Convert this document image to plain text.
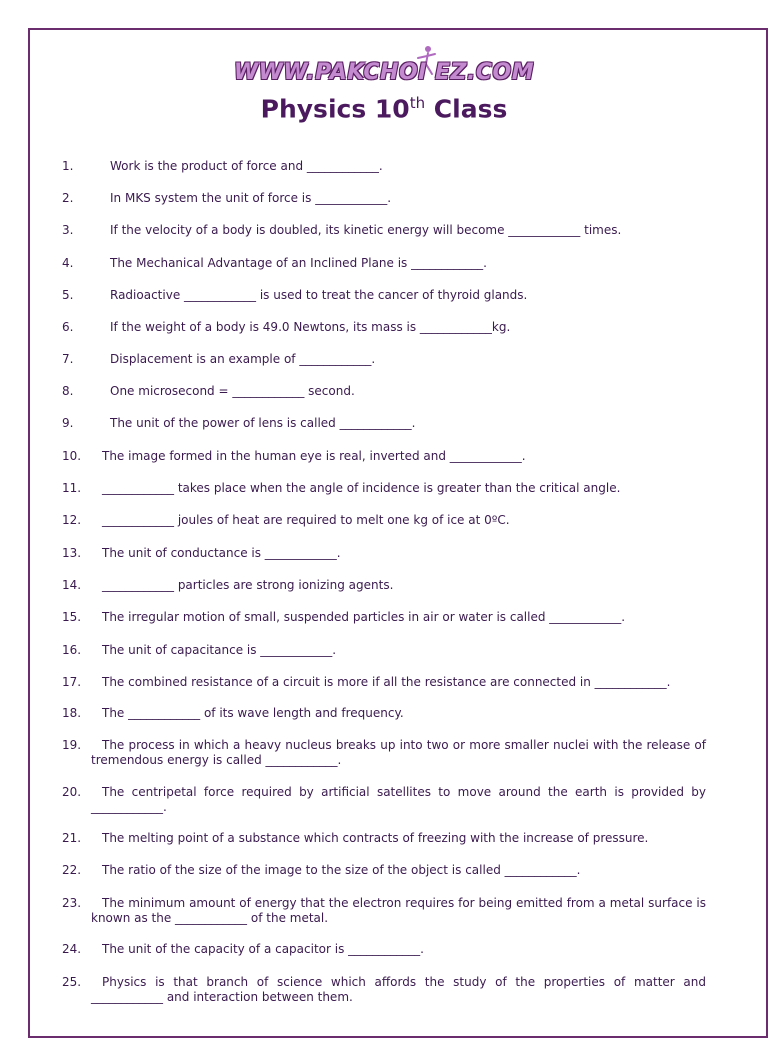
WWW.PAKCHOI EZ.COM
Physics 10th Class
1.	Work is the product of force and ____________.
2.	In MKS system the unit of force is ____________.
3.	If the velocity of a body is doubled, its kinetic energy will become ____________ times.
4.	The Mechanical Advantage of an Inclined Plane is ____________.
5.	Radioactive ____________ is used to treat the cancer of thyroid glands.
6.	If the weight of a body is 49.0 Newtons, its mass is ____________kg.
7.	Displacement is an example of ____________.
8.	One microsecond = ____________ second.
9.	The unit of the power of lens is called ____________.
10.	The image formed in the human eye is real, inverted and ____________.
11.	____________ takes place when the angle of incidence is greater than the critical angle.
12.	____________ joules of heat are required to melt one kg of ice at 0ºC.
13.	The unit of conductance is ____________.
14.	____________ particles are strong ionizing agents.
15.	The irregular motion of small, suspended particles in air or water is called ____________.
16.	The unit of capacitance is ____________.
17.	The combined resistance of a circuit is more if all the resistance are connected in ____________.
18.	The ____________ of its wave length and frequency.
19.	The process in which a heavy nucleus breaks up into two or more smaller nuclei with the release of tremendous energy is called ____________.
20.	The centripetal force required by artificial satellites to move around the earth is provided by ____________.
21.	The melting point of a substance which contracts of freezing with the increase of pressure.
22.	The ratio of the size of the image to the size of the object is called ____________.
23.	The minimum amount of energy that the electron requires for being emitted from a metal surface is known as the ____________ of the metal.
24.	The unit of the capacity of a capacitor is ____________.
25.	Physics is that branch of science which affords the study of the properties of matter and ____________ and interaction between them.
